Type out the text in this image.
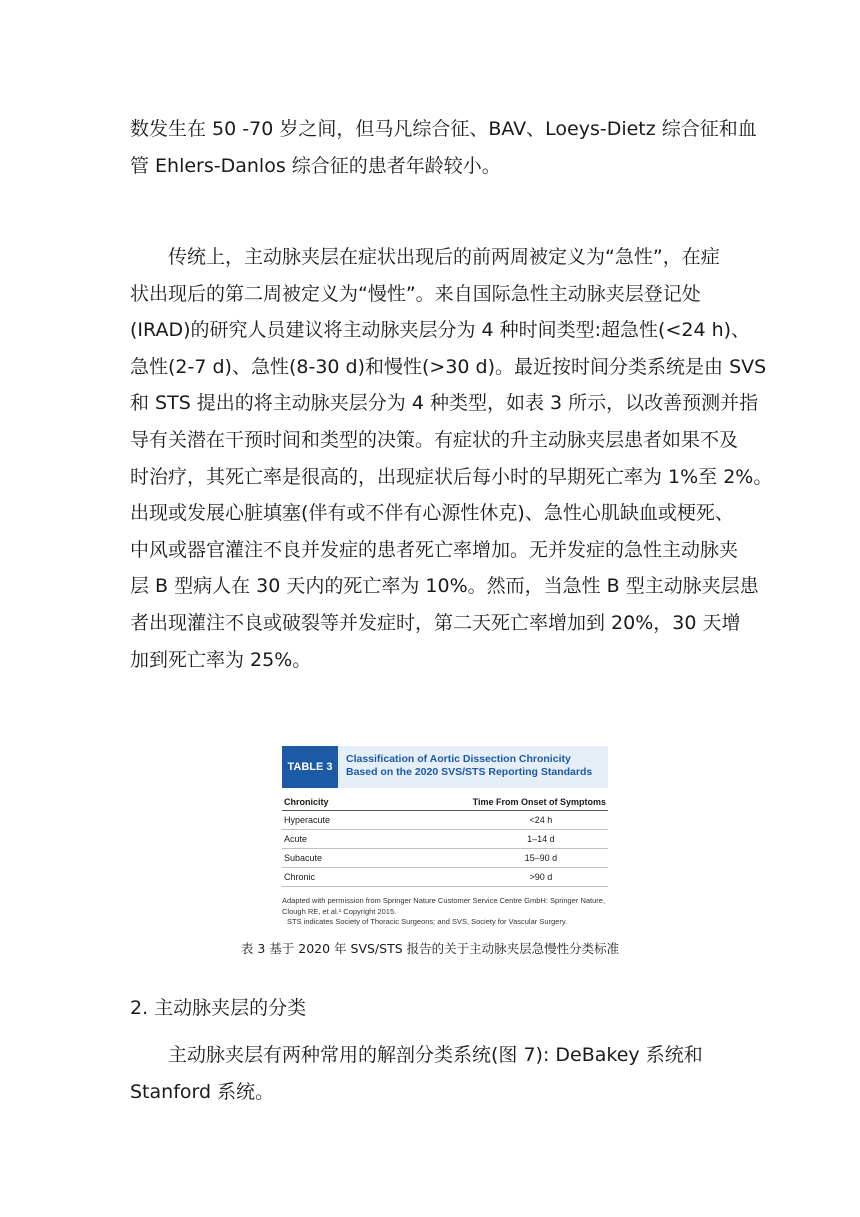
数发生在 50 -70 岁之间，但马凡综合征、BAV、Loeys-Dietz 综合征和血
管 Ehlers-Danlos 综合征的患者年龄较小。
　　传统上，主动脉夹层在症状出现后的前两周被定义为“急性”，在症
状出现后的第二周被定义为“慢性”。来自国际急性主动脉夹层登记处
(IRAD)的研究人员建议将主动脉夹层分为 4 种时间类型:超急性(<24 h)、
急性(2-7 d)、急性(8-30 d)和慢性(>30 d)。最近按时间分类系统是由 SVS
和 STS 提出的将主动脉夹层分为 4 种类型，如表 3 所示，以改善预测并指
导有关潜在干预时间和类型的决策。有症状的升主动脉夹层患者如果不及
时治疗，其死亡率是很高的，出现症状后每小时的早期死亡率为 1%至 2%。
出现或发展心脏填塞(伴有或不伴有心源性休克)、急性心肌缺血或梗死、
中风或器官灌注不良并发症的患者死亡率增加。无并发症的急性主动脉夹
层 B 型病人在 30 天内的死亡率为 10%。然而，当急性 B 型主动脉夹层患
者出现灌注不良或破裂等并发症时，第二天死亡率增加到 20%，30 天增
加到死亡率为 25%。
TABLE 3
Classification of Aortic Dissection Chronicity
Based on the 2020 SVS/STS Reporting Standards
Chronicity	Time From Onset of Symptoms
Hyperacute	<24 h
Acute	1–14 d
Subacute	15–90 d
Chronic	>90 d
Adapted with permission from Springer Nature Customer Service Centre GmbH: Springer Nature, Clough RE, et al.¹ Copyright 2015.
STS indicates Society of Thoracic Surgeons; and SVS, Society for Vascular Surgery.
表 3 基于 2020 年 SVS/STS 报告的关于主动脉夹层急慢性分类标准
2. 主动脉夹层的分类
　　主动脉夹层有两种常用的解剖分类系统(图 7): DeBakey 系统和
Stanford 系统。
